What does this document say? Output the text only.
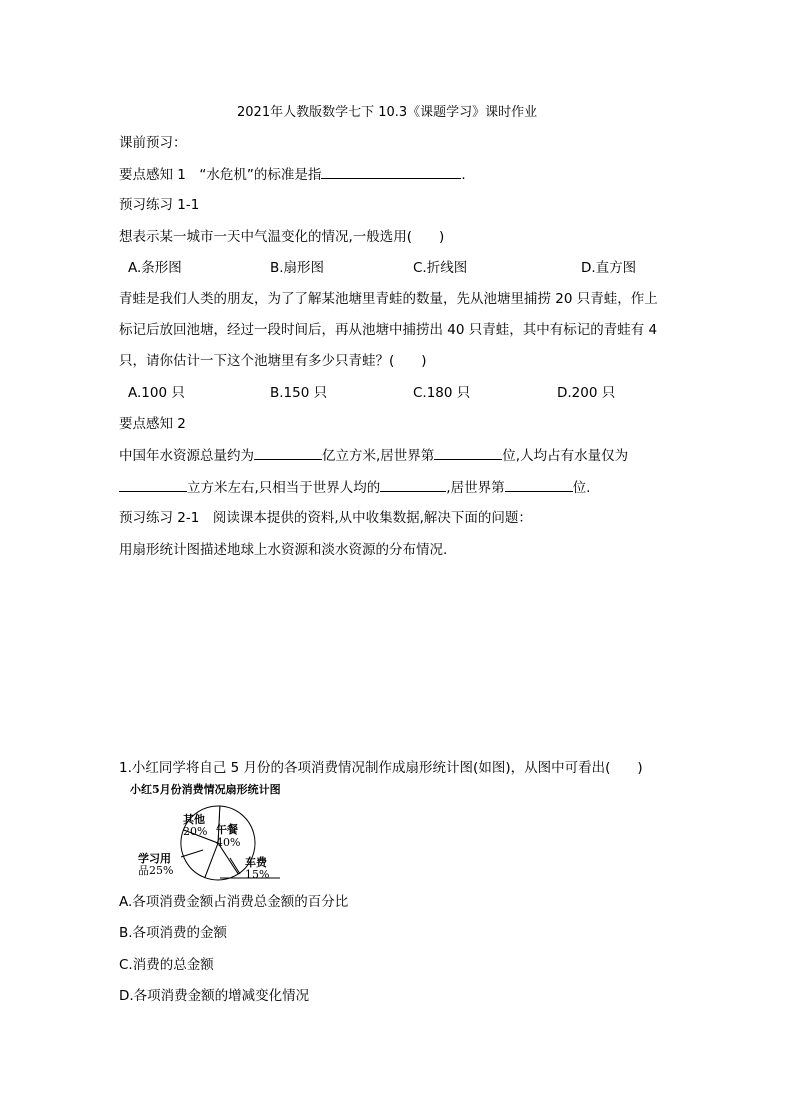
2021年人教版数学七下 10.3《课题学习》课时作业
课前预习：
要点感知 1　“水危机”的标准是指	.
预习练习 1-1
想表示某一城市一天中气温变化的情况,一般选用(　　)
A.条形图	B.扇形图	C.折线图	D.直方图
青蛙是我们人类的朋友，为了了解某池塘里青蛙的数量，先从池塘里捕捞 20 只青蛙，作上
标记后放回池塘，经过一段时间后，再从池塘中捕捞出 40 只青蛙，其中有标记的青蛙有 4
只，请你估计一下这个池塘里有多少只青蛙？(　　)
A.100 只	B.150 只	C.180 只	D.200 只
要点感知 2
中国年水资源总量约为	亿立方米,居世界第	位,人均占有水量仅为
立方米左右,只相当于世界人均的	,居世界第	位.
预习练习 2-1　阅读课本提供的资料,从中收集数据,解决下面的问题：
用扇形统计图描述地球上水资源和淡水资源的分布情况.
1.小红同学将自己 5 月份的各项消费情况制作成扇形统计图(如图)，从图中可看出(　　)
小红5月份消费情况扇形统计图
其他
20% 午餐
40%
车费
15%
学习用
品25%
A.各项消费金额占消费总金额的百分比
B.各项消费的金额
C.消费的总金额
D.各项消费金额的增减变化情况
